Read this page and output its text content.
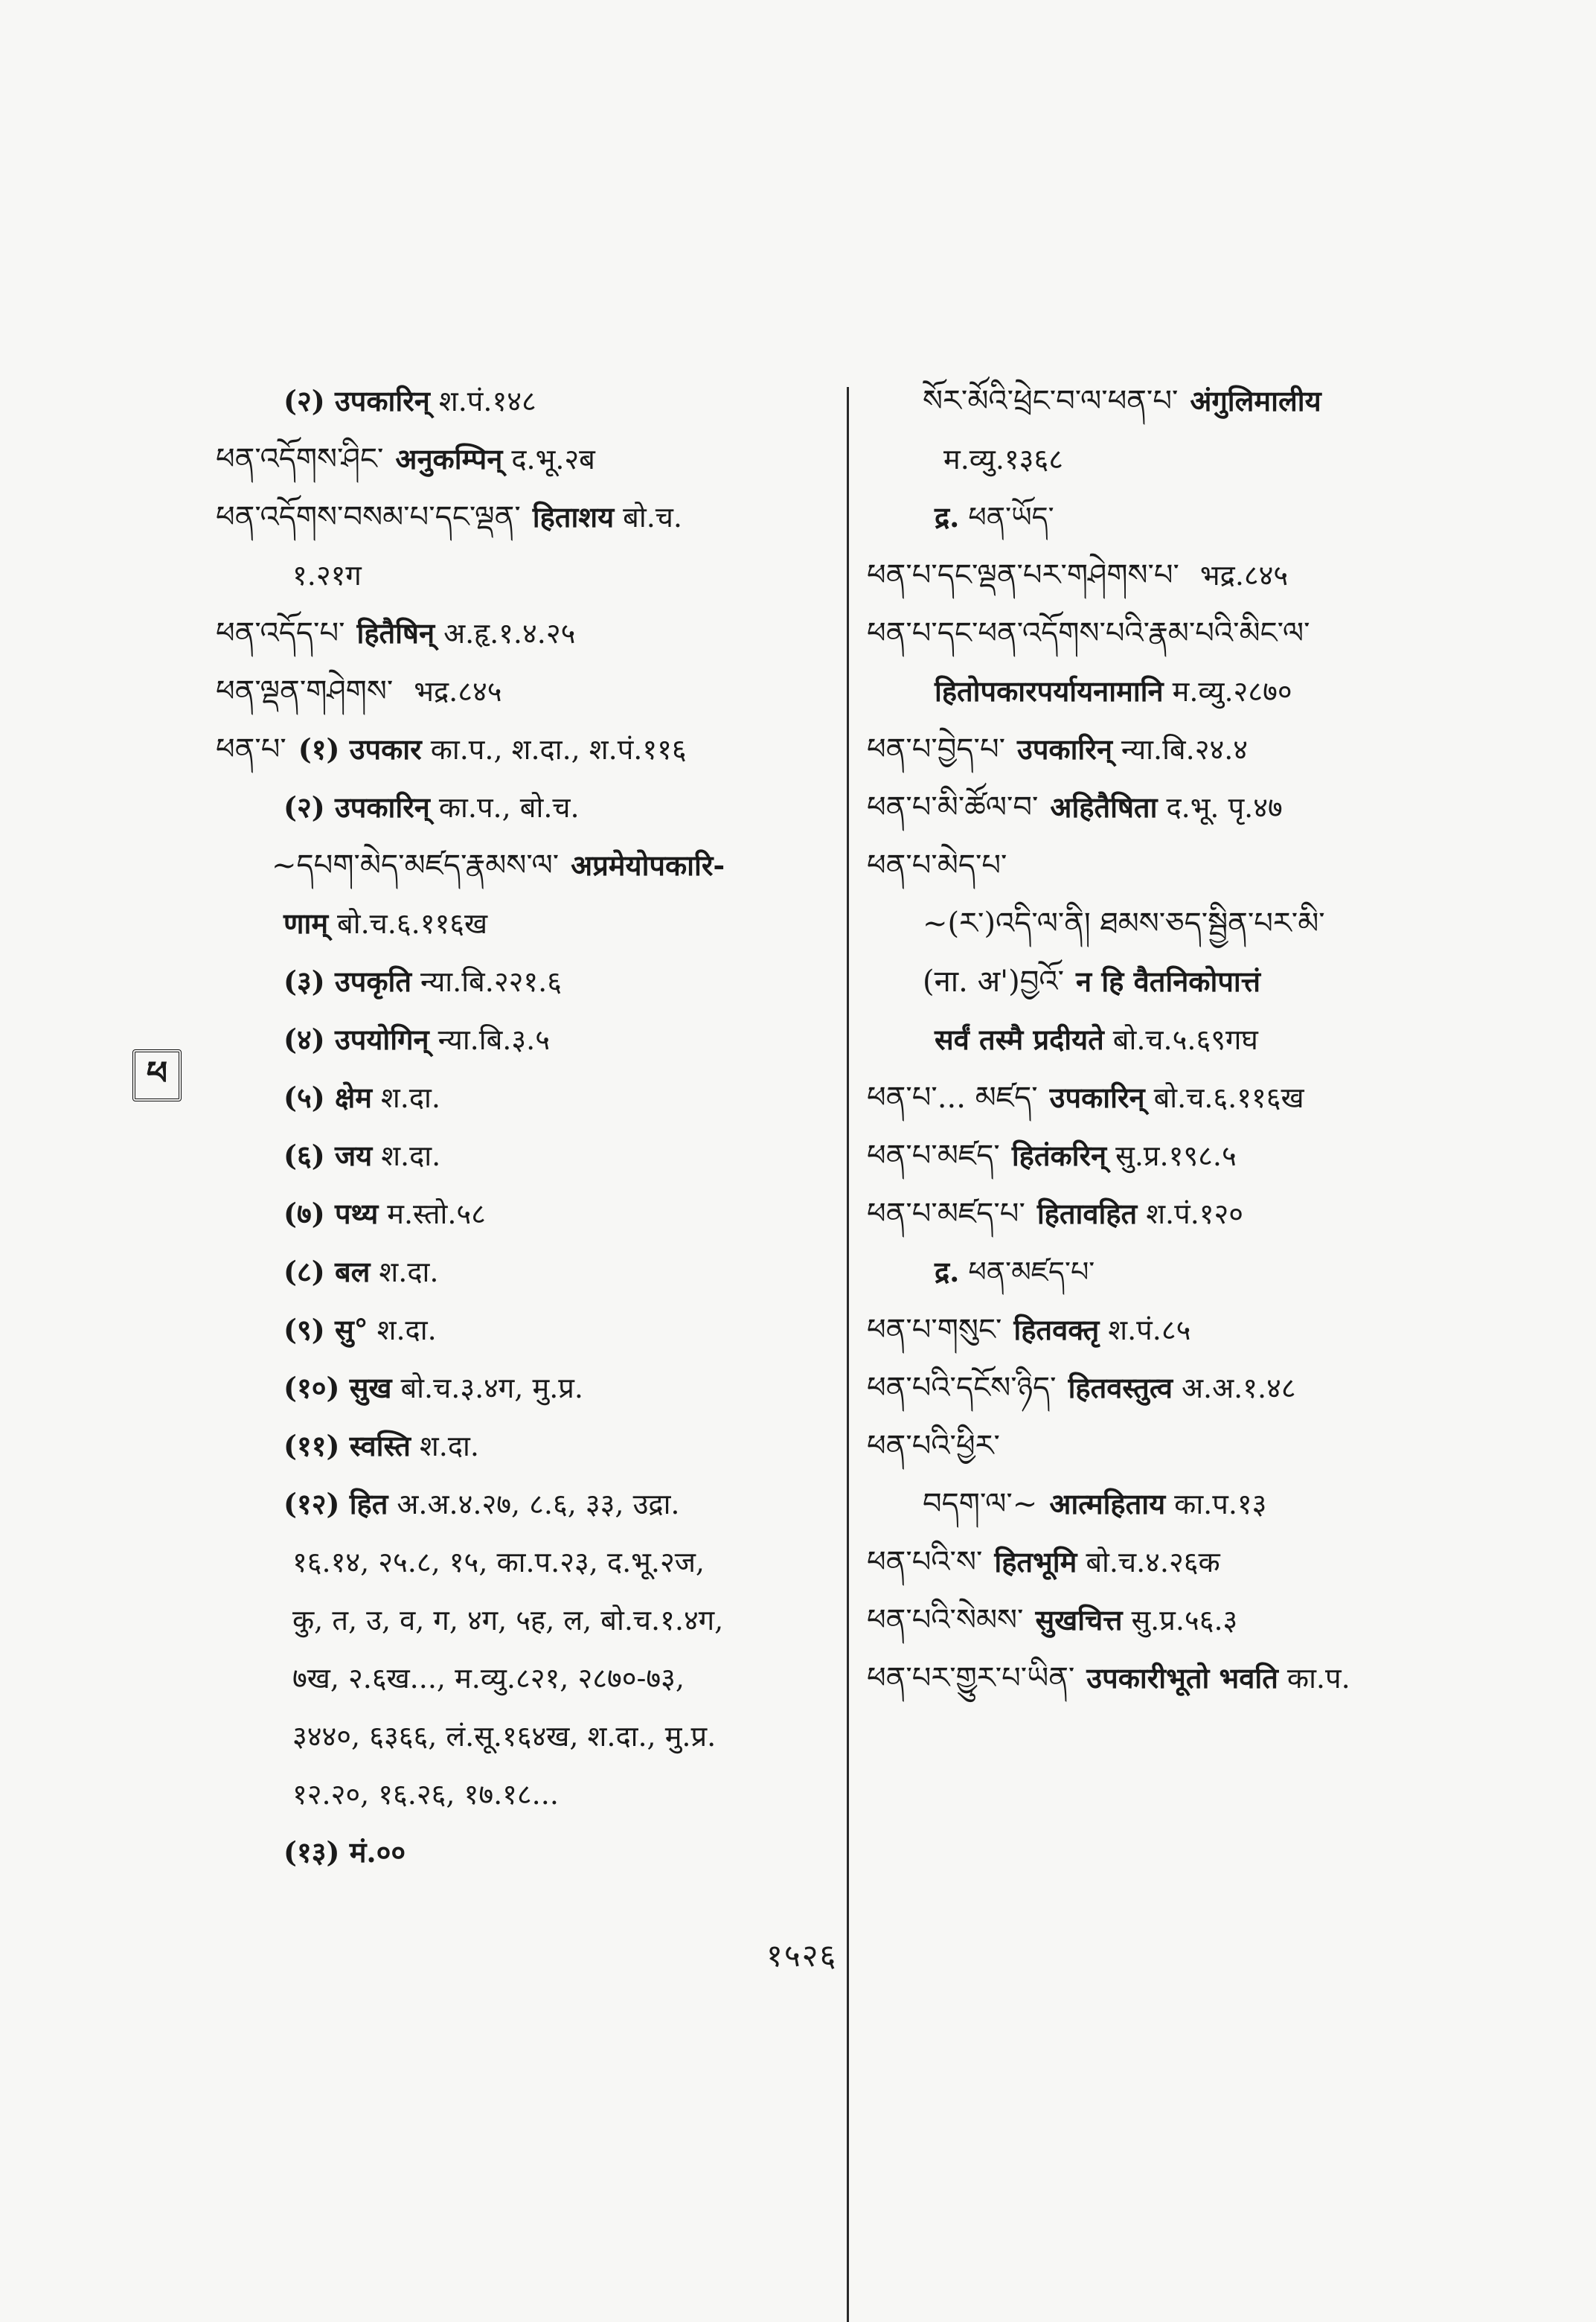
(२) उपकारिन् श.पं.१४८
ཕན་འདོགས་ཤིང་ अनुकम्पिन् द.भू.२ब
ཕན་འདོགས་བསམ་པ་དང་ལྡན་ हिताशय बो.च.
१.२१ग
ཕན་འདོད་པ་ हितैषिन् अ.हृ.१.४.२५
ཕན་ལྡན་གཤེགས་ भद्र.८४५
ཕན་པ་ (१) उपकार का.प., श.दा., श.पं.११६
(२) उपकारिन् का.प., बो.च.
~དཔག་མེད་མཛད་རྣམས་ལ་ अप्रमेयोपकारि-
णाम् बो.च.६.११६ख
(३) उपकृति न्या.बि.२२१.६
(४) उपयोगिन् न्या.बि.३.५
(५) क्षेम श.दा.
(६) जय श.दा.
(७) पथ्य म.स्तो.५८
(८) बल श.दा.
(९) सु° श.दा.
(१०) सुख बो.च.३.४ग, मु.प्र.
(११) स्वस्ति श.दा.
(१२) हित अ.अ.४.२७, ८.६, ३३, उद्रा.
१६.१४, २५.८, १५, का.प.२३, द.भू.२ज,
कु, त, उ, व, ग, ४ग, ५ह, ल, बो.च.१.४ग,
७ख, २.६ख..., म.व्यु.८२१, २८७०-७३,
३४४०, ६३६६, लं.सू.१६४ख, श.दा., मु.प्र.
१२.२०, १६.२६, १७.१८...
(१३) मं.००
སོར་མོའི་ཕྲེང་བ་ལ་ཕན་པ་ अंगुलिमालीय
म.व्यु.१३६८
द्र. ཕན་ཡོད་
ཕན་པ་དང་ལྡན་པར་གཤེགས་པ་ भद्र.८४५
ཕན་པ་དང་ཕན་འདོགས་པའི་རྣམ་པའི་མིང་ལ་
हितोपकारपर्यायनामानि म.व्यु.२८७०
ཕན་པ་བྱེད་པ་ उपकारिन् न्या.बि.२४.४
ཕན་པ་མི་ཚོལ་བ་ अहितैषिता द.भू. पृ.४७
ཕན་པ་མེད་པ་
~(ར་)འདི་ལ་ནི། ཐམས་ཅད་སྦྱིན་པར་མི་
(ना. अ')བྱའོ་ न हि वैतनिकोपात्तं
सर्वं तस्मै प्रदीयते बो.च.५.६९गघ
ཕན་པ་... མཛད་ उपकारिन् बो.च.६.११६ख
ཕན་པ་མཛད་ हितंकरिन् सु.प्र.१९८.५
ཕན་པ་མཛད་པ་ हितावहित श.पं.१२०
द्र. ཕན་མཛད་པ་
ཕན་པ་གསུང་ हितवक्तृ श.पं.८५
ཕན་པའི་དངོས་ཉིད་ हितवस्तुत्व अ.अ.१.४८
ཕན་པའི་ཕྱིར་
བདག་ལ་~ आत्महिताय का.प.१३
ཕན་པའི་ས་ हितभूमि बो.च.४.२६क
ཕན་པའི་སེམས་ सुखचित्त सु.प्र.५६.३
ཕན་པར་གྱུར་པ་ཡིན་ उपकारीभूतो भवति का.प.
ཕ
१५२६
